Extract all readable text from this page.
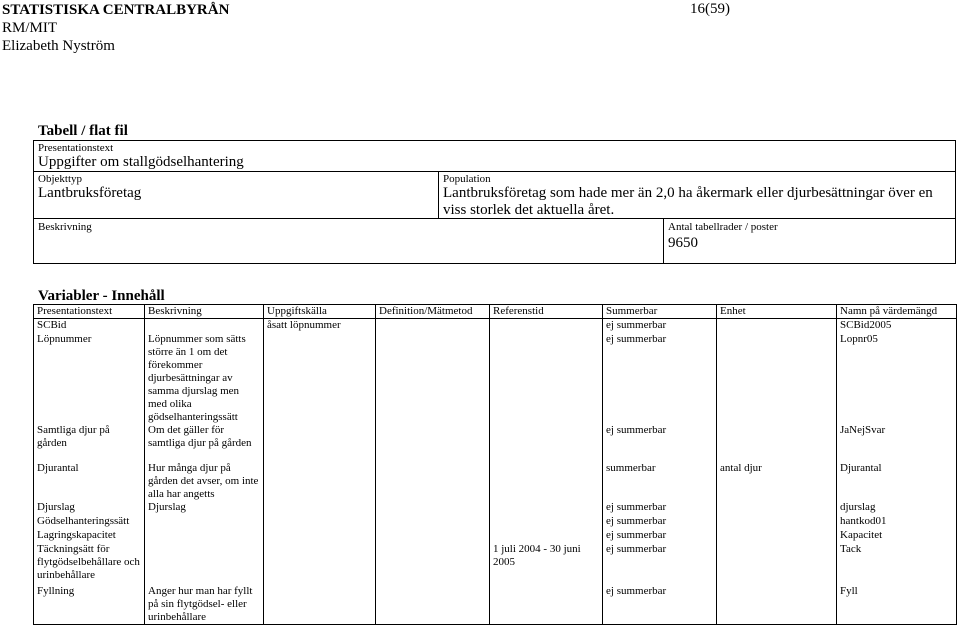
STATISTISKA CENTRALBYRÅN
RM/MIT
Elizabeth Nyström
16(59)
Tabell / flat fil
Presentationstext
Uppgifter om stallgödselhantering
Objekttyp
Lantbruksföretag
Population
Lantbruksföretag som hade mer än 2,0 ha åkermark eller djurbesättningar över en viss storlek det aktuella året.
Beskrivning	Antal tabellrader / poster
9650
Variabler - Innehåll
Presentationstext	Beskrivning	Uppgiftskälla	Definition/Mätmetod	Referenstid	Summerbar	Enhet	Namn på värdemängd
SCBid		åsatt löpnummer			ej summerbar		SCBid2005
Löpnummer	Löpnummer som sätts större än 1 om det förekommer djurbesättningar av samma djurslag men med olika gödselhanteringssätt				ej summerbar		Lopnr05
Samtliga djur på gården	Om det gäller för samtliga djur på gården				ej summerbar		JaNejSvar
Djurantal	Hur många djur på gården det avser, om inte alla har angetts				summerbar	antal djur	Djurantal
Djurslag	Djurslag				ej summerbar		djurslag
Gödselhanteringssätt					ej summerbar		hantkod01
Lagringskapacitet					ej summerbar		Kapacitet
Täckningsätt för flytgödselbehållare och urinbehållare				1 juli 2004 - 30 juni 2005	ej summerbar		Tack
Fyllning	Anger hur man har fyllt på sin flytgödsel- eller urinbehållare				ej summerbar		Fyll
